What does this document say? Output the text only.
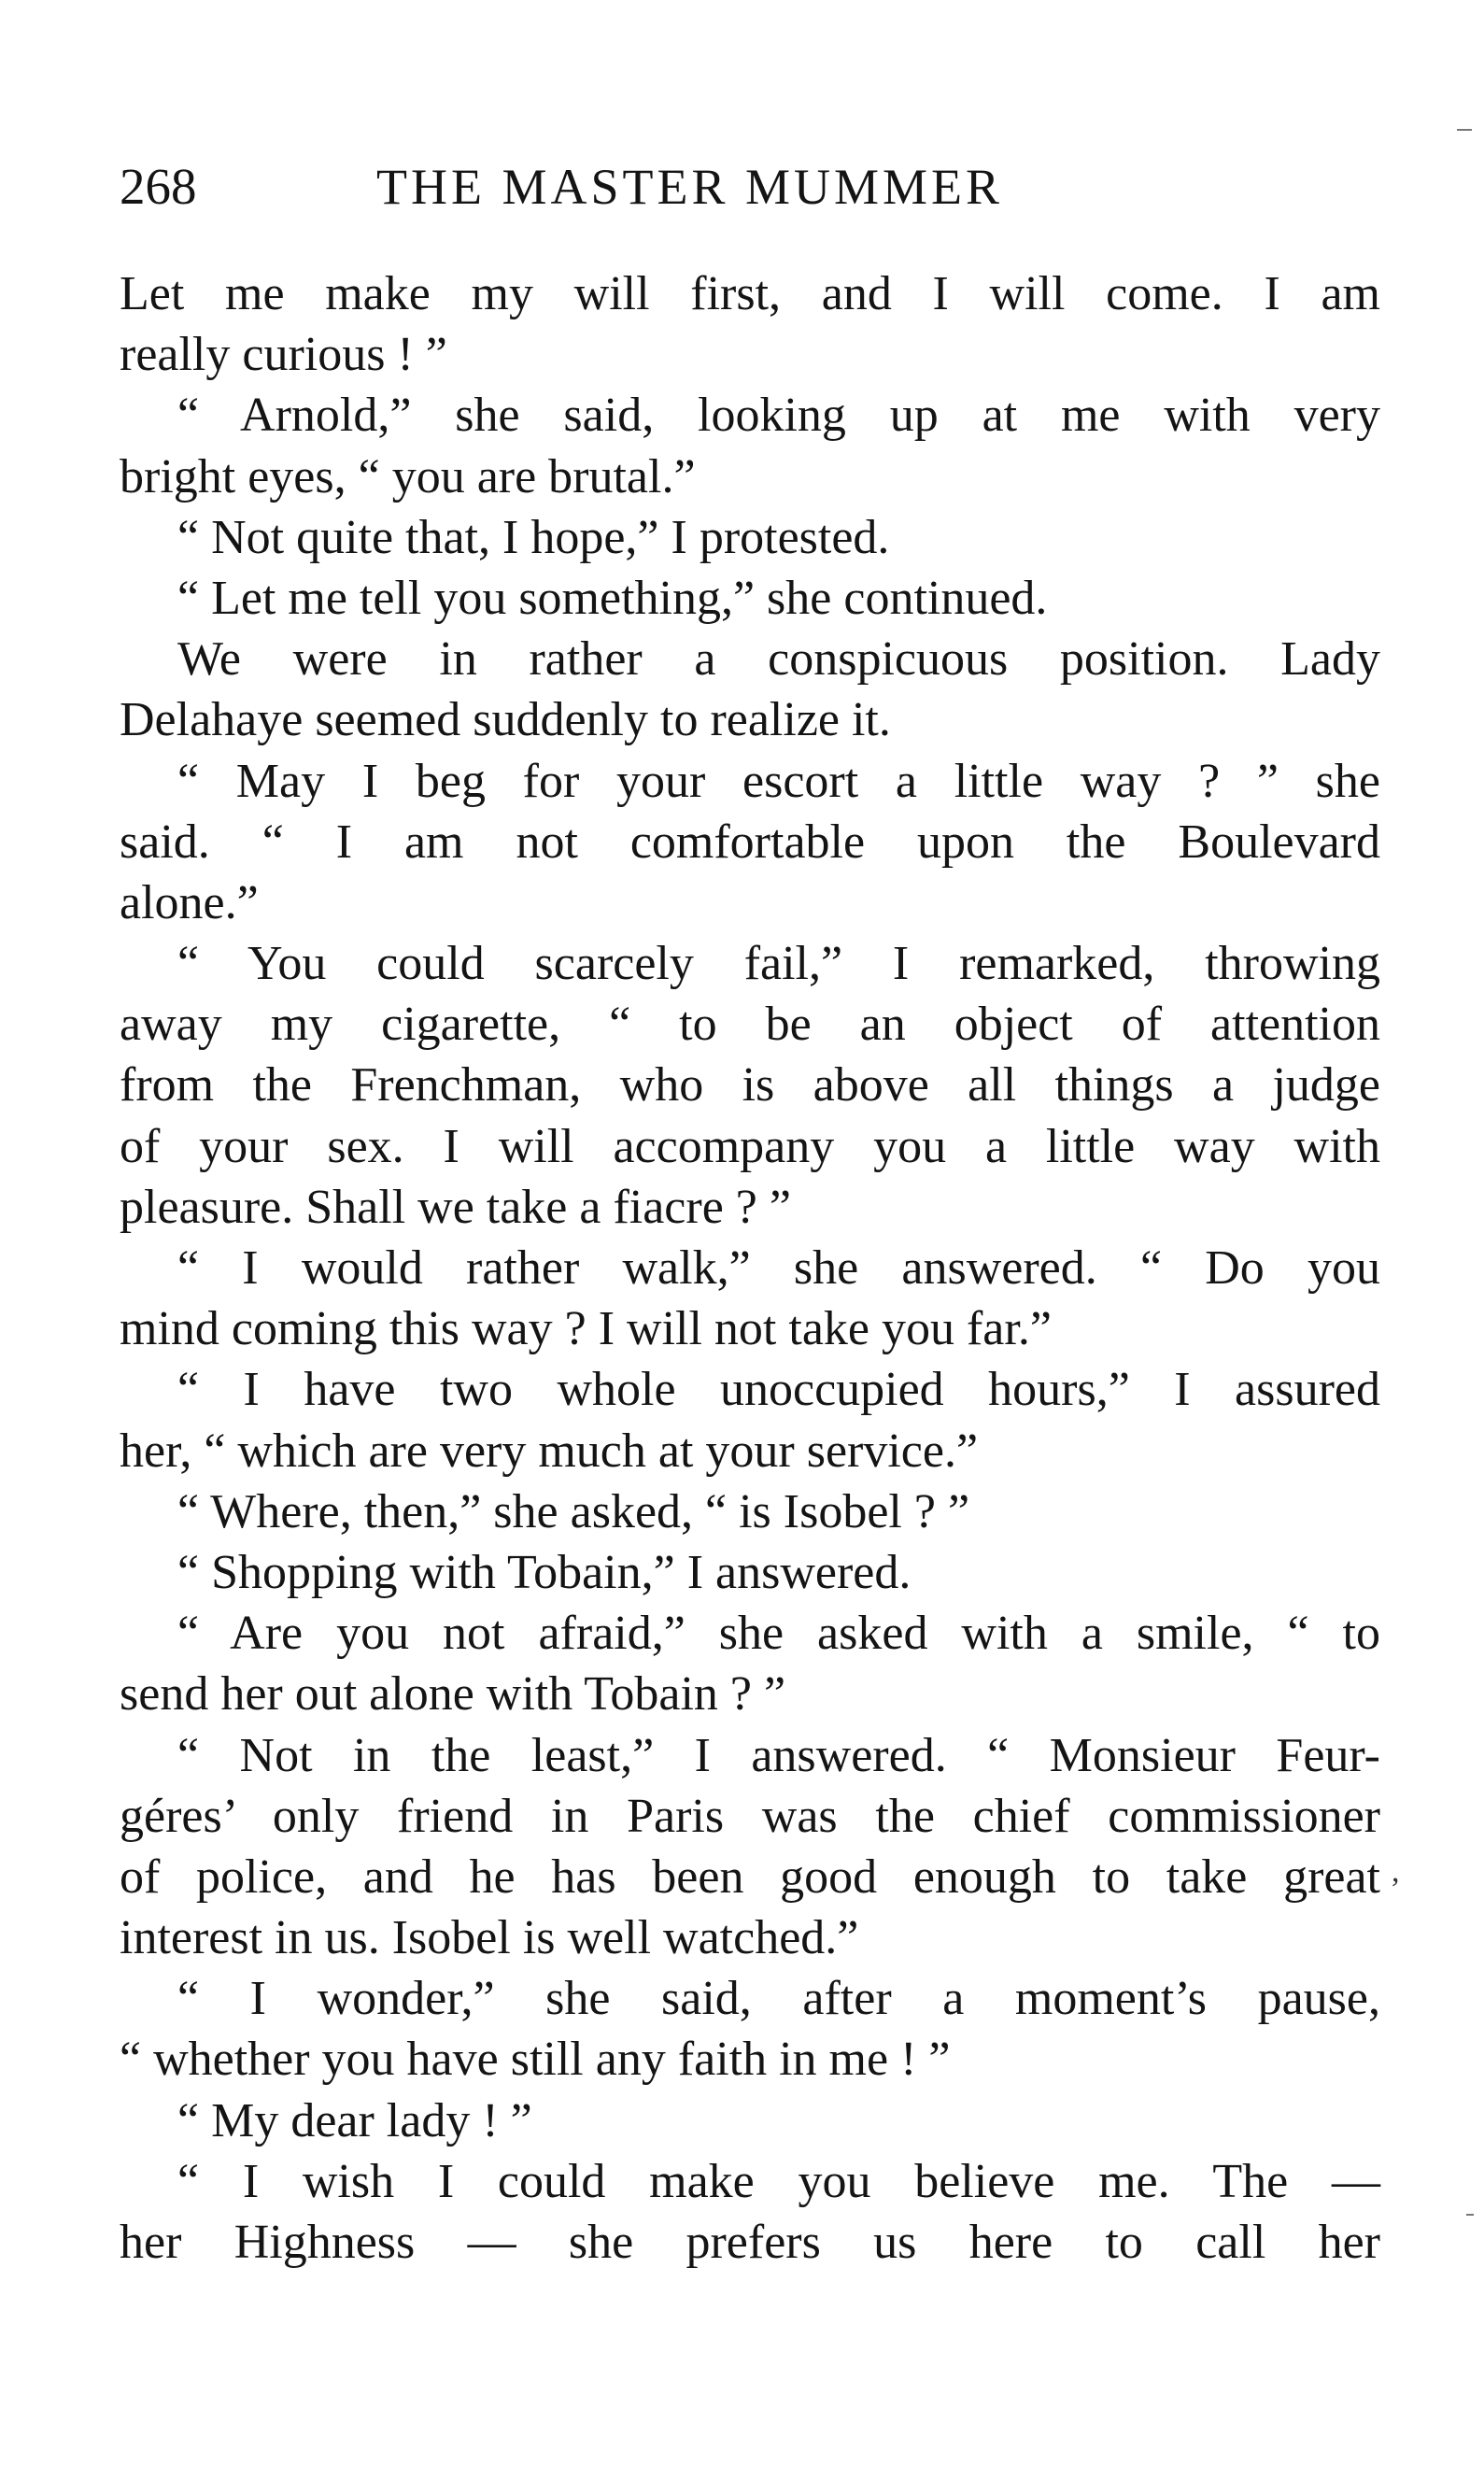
268	THE MASTER MUMMER
Let me make my will first, and I will come. I am
really curious ! ”
“ Arnold,” she said, looking up at me with very
bright eyes, “ you are brutal.”
“ Not quite that, I hope,” I protested.
“ Let me tell you something,” she continued.
We were in rather a conspicuous position. Lady
Delahaye seemed suddenly to realize it.
“ May I beg for your escort a little way ? ” she
said. “ I am not comfortable upon the Boulevard
alone.”
“ You could scarcely fail,” I remarked, throwing
away my cigarette, “ to be an object of attention
from the Frenchman, who is above all things a judge
of your sex. I will accompany you a little way with
pleasure. Shall we take a fiacre ? ”
“ I would rather walk,” she answered. “ Do you
mind coming this way ? I will not take you far.”
“ I have two whole unoccupied hours,” I assured
her, “ which are very much at your service.”
“ Where, then,” she asked, “ is Isobel ? ”
“ Shopping with Tobain,” I answered.
“ Are you not afraid,” she asked with a smile, “ to
send her out alone with Tobain ? ”
“ Not in the least,” I answered. “ Monsieur Feur-
géres’ only friend in Paris was the chief commissioner
of police, and he has been good enough to take great
interest in us. Isobel is well watched.”
“ I wonder,” she said, after a moment’s pause,
“ whether you have still any faith in me ! ”
“ My dear lady ! ”
“ I wish I could make you believe me. The —
her Highness — she prefers us here to call her
,
